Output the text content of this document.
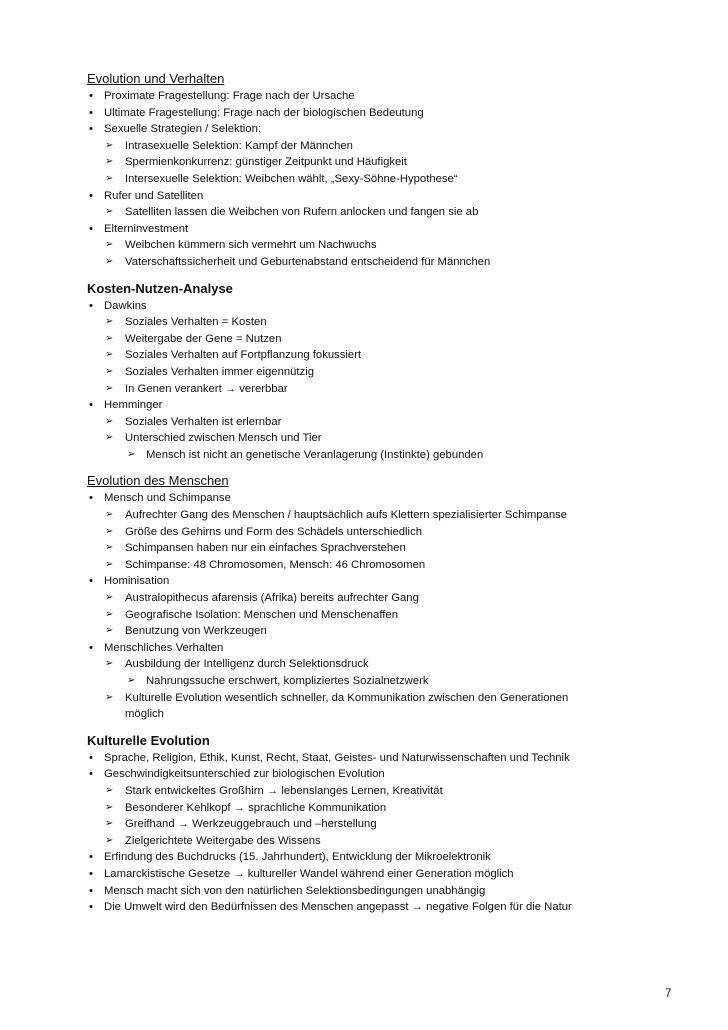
Evolution und Verhalten
• Proximate Fragestellung: Frage nach der Ursache
• Ultimate Fragestellung: Frage nach der biologischen Bedeutung
• Sexuelle Strategien / Selektion:
➢ Intrasexuelle Selektion: Kampf der Männchen
➢ Spermienkonkurrenz: günstiger Zeitpunkt und Häufigkeit
➢ Intersexuelle Selektion: Weibchen wählt, „Sexy-Söhne-Hypothese“
• Rufer und Satelliten
➢ Satelliten lassen die Weibchen von Rufern anlocken und fangen sie ab
• Elterninvestment
➢ Weibchen kümmern sich vermehrt um Nachwuchs
➢ Vaterschaftssicherheit und Geburtenabstand entscheidend für Männchen
Kosten-Nutzen-Analyse
• Dawkins
➢ Soziales Verhalten = Kosten
➢ Weitergabe der Gene = Nutzen
➢ Soziales Verhalten auf Fortpflanzung fokussiert
➢ Soziales Verhalten immer eigennützig
➢ In Genen verankert → vererbbar
• Hemminger
➢ Soziales Verhalten ist erlernbar
➢ Unterschied zwischen Mensch und Tier
➢ Mensch ist nicht an genetische Veranlagerung (Instinkte) gebunden
Evolution des Menschen
• Mensch und Schimpanse
➢ Aufrechter Gang des Menschen / hauptsächlich aufs Klettern spezialisierter Schimpanse
➢ Größe des Gehirns und Form des Schädels unterschiedlich
➢ Schimpansen haben nur ein einfaches Sprachverstehen
➢ Schimpanse: 48 Chromosomen, Mensch: 46 Chromosomen
• Hominisation
➢ Australopithecus afarensis (Afrika) bereits aufrechter Gang
➢ Geografische Isolation: Menschen und Menschenaffen
➢ Benutzung von Werkzeugen
• Menschliches Verhalten
➢ Ausbildung der Intelligenz durch Selektionsdruck
➢ Nahrungssuche erschwert, kompliziertes Sozialnetzwerk
➢ Kulturelle Evolution wesentlich schneller, da Kommunikation zwischen den Generationen
möglich
Kulturelle Evolution
• Sprache, Religion, Ethik, Kunst, Recht, Staat, Geistes- und Naturwissenschaften und Technik
• Geschwindigkeitsunterschied zur biologischen Evolution
➢ Stark entwickeltes Großhirn → lebenslanges Lernen, Kreativität
➢ Besonderer Kehlkopf → sprachliche Kommunikation
➢ Greifhand → Werkzeuggebrauch und –herstellung
➢ Zielgerichtete Weitergabe des Wissens
• Erfindung des Buchdrucks (15. Jahrhundert), Entwicklung der Mikroelektronik
• Lamarckistische Gesetze → kultureller Wandel während einer Generation möglich
• Mensch macht sich von den natürlichen Selektionsbedingungen unabhängig
• Die Umwelt wird den Bedürfnissen des Menschen angepasst → negative Folgen für die Natur
7
